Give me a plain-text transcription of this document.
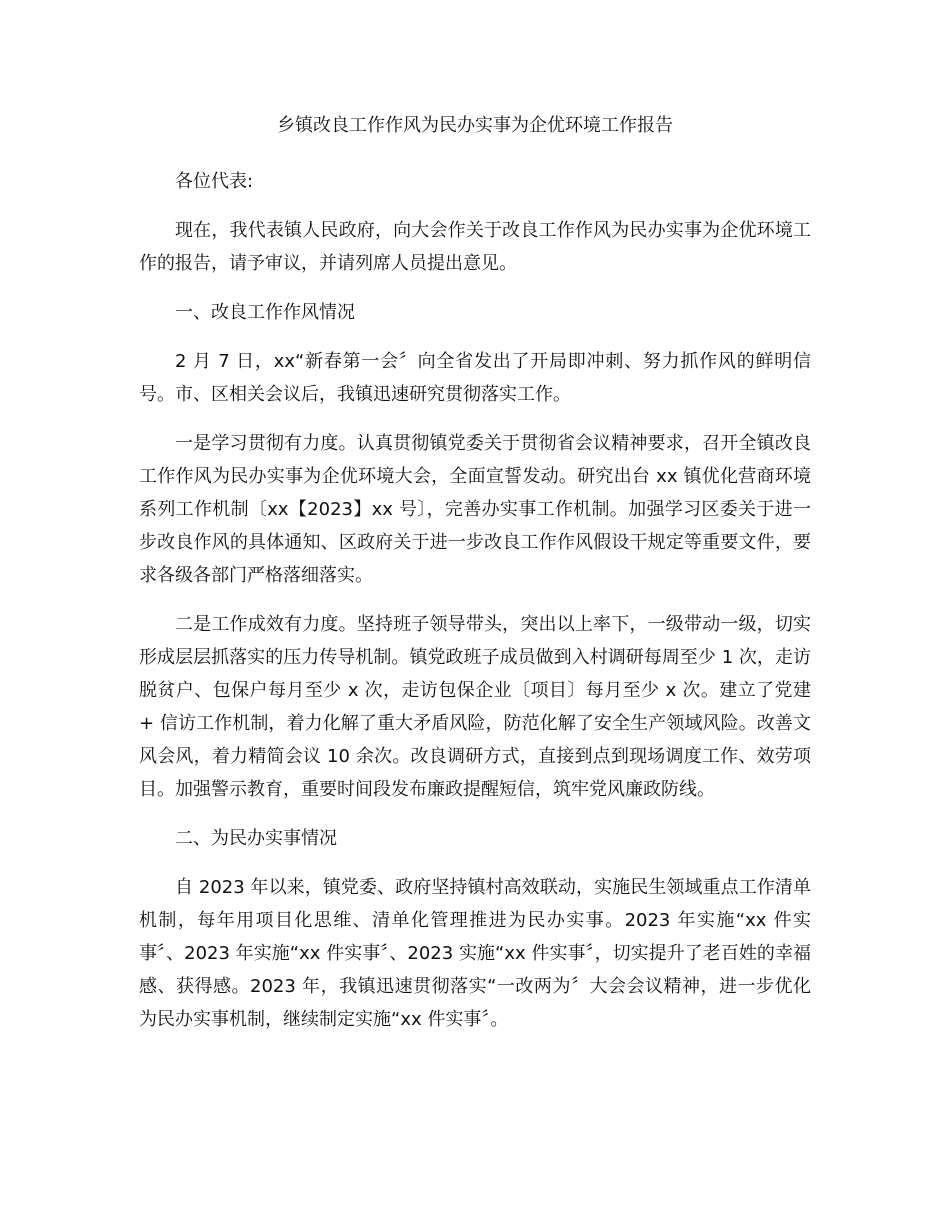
乡镇改良工作作风为民办实事为企优环境工作报告

各位代表:

现在，我代表镇人民政府，向大会作关于改良工作作风为民办实事为企优环境工作的报告，请予审议，并请列席人员提出意见。

一、改良工作作风情况

2 月 7 日，xx“新春第一会〞向全省发出了开局即冲刺、努力抓作风的鲜明信号。市、区相关会议后，我镇迅速研究贯彻落实工作。

一是学习贯彻有力度。认真贯彻镇党委关于贯彻省会议精神要求，召开全镇改良工作作风为民办实事为企优环境大会，全面宣誓发动。研究出台 xx 镇优化营商环境系列工作机制〔xx【2023】xx 号〕，完善办实事工作机制。加强学习区委关于进一步改良作风的具体通知、区政府关于进一步改良工作作风假设干规定等重要文件，要求各级各部门严格落细落实。

二是工作成效有力度。坚持班子领导带头，突出以上率下，一级带动一级，切实形成层层抓落实的压力传导机制。镇党政班子成员做到入村调研每周至少 1 次，走访脱贫户、包保户每月至少 x 次，走访包保企业〔项目〕每月至少 x 次。建立了党建 + 信访工作机制，着力化解了重大矛盾风险，防范化解了安全生产领域风险。改善文风会风，着力精简会议 10 余次。改良调研方式，直接到点到现场调度工作、效劳项目。加强警示教育，重要时间段发布廉政提醒短信，筑牢党风廉政防线。

二、为民办实事情况

自 2023 年以来，镇党委、政府坚持镇村高效联动，实施民生领域重点工作清单机制，每年用项目化思维、清单化管理推进为民办实事。2023 年实施“xx 件实事〞、2023 年实施“xx 件实事〞、2023 实施“xx 件实事〞，切实提升了老百姓的幸福感、获得感。2023 年，我镇迅速贯彻落实“一改两为〞大会会议精神，进一步优化为民办实事机制，继续制定实施“xx 件实事〞。
